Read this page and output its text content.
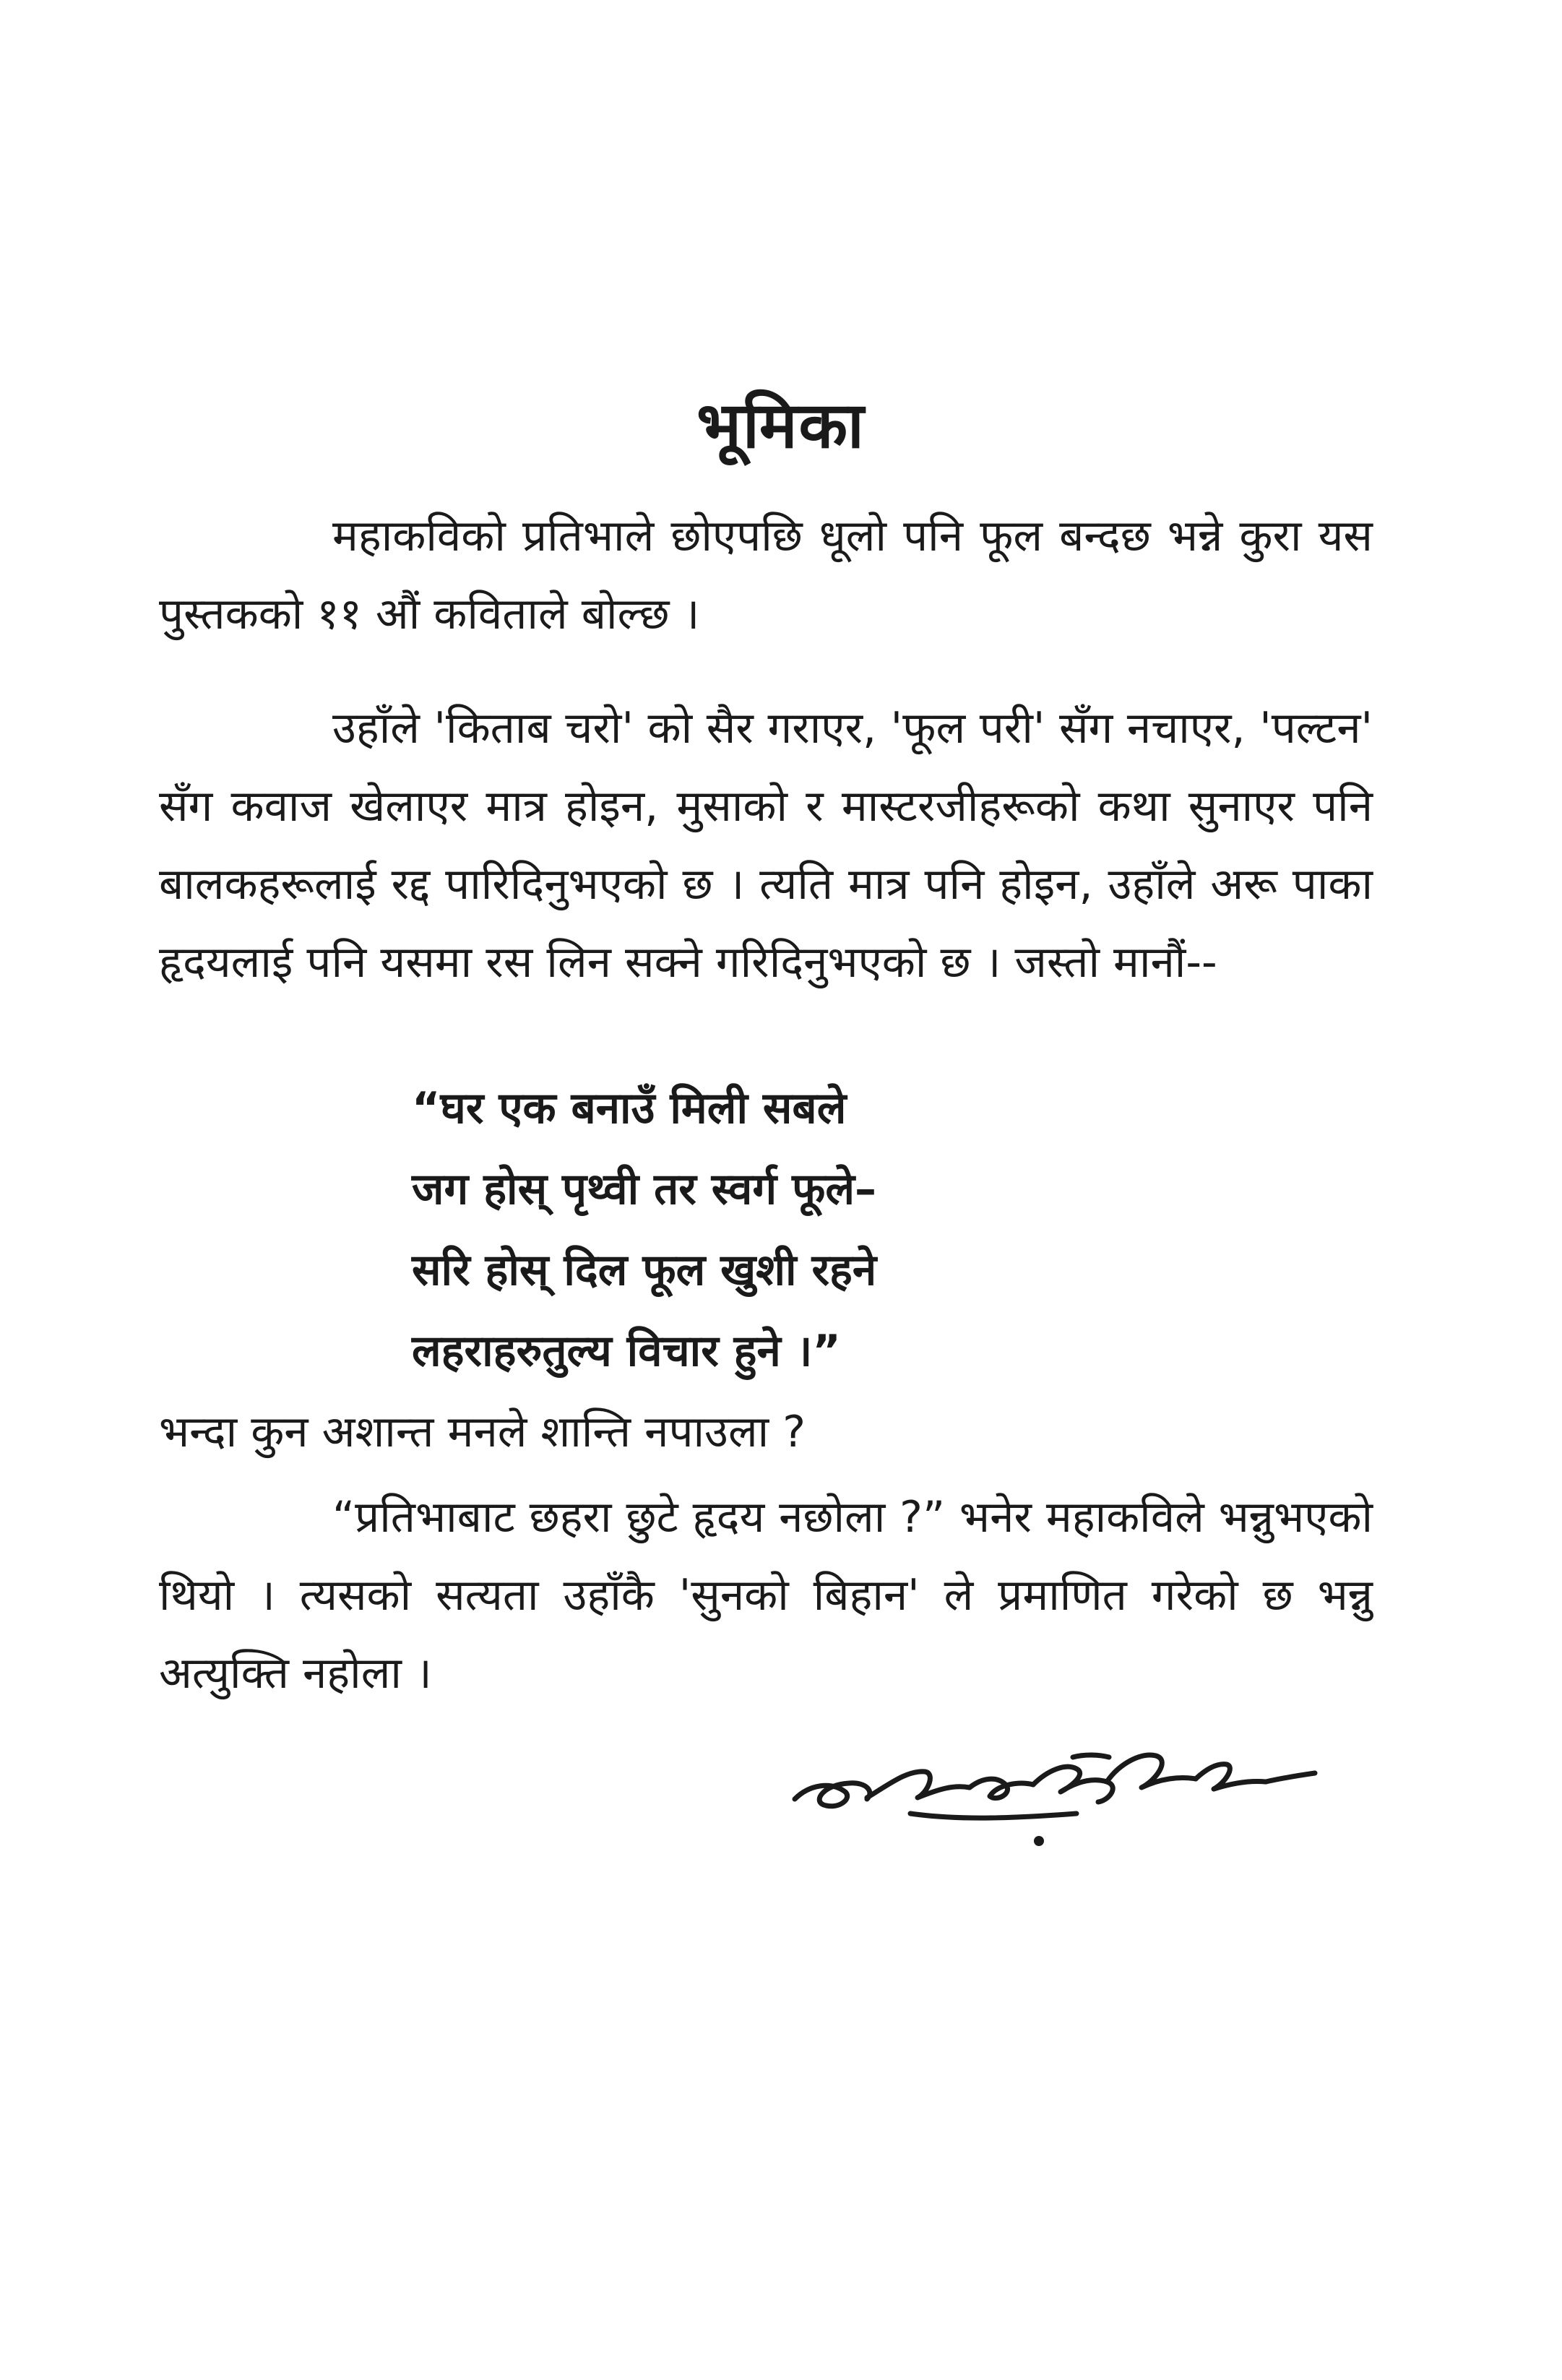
भूमिका

महाकविको प्रतिभाले छोएपछि धूलो पनि फूल बन्दछ भन्ने कुरा यस पुस्तकको ११ औं कविताले बोल्छ ।

उहाँले 'किताब चरो' को सैर गराएर, 'फूल परी' सँग नचाएर, 'पल्टन' सँग कवाज खेलाएर मात्र होइन, मुसाको र मास्टरजीहरूको कथा सुनाएर पनि बालकहरूलाई रद्द पारिदिनुभएको छ । त्यति मात्र पनि होइन, उहाँले अरू पाका हृदयलाई पनि यसमा रस लिन सक्ने गरिदिनुभएको छ । जस्तो मानौं--

“घर एक बनाउँ मिली सबले
जग होस् पृथ्वी तर स्वर्ग फूले–
सरि होस् दिल फूल खुशी रहने
लहराहरुतुल्य विचार हुने ।”

भन्दा कुन अशान्त मनले शान्ति नपाउला ?

“प्रतिभाबाट छहरा छुटे हृदय नछोला ?” भनेर महाकविले भन्नुभएको थियो । त्यसको सत्यता उहाँकै 'सुनको बिहान' ले प्रमाणित गरेको छ भन्नु अत्युक्ति नहोला ।
